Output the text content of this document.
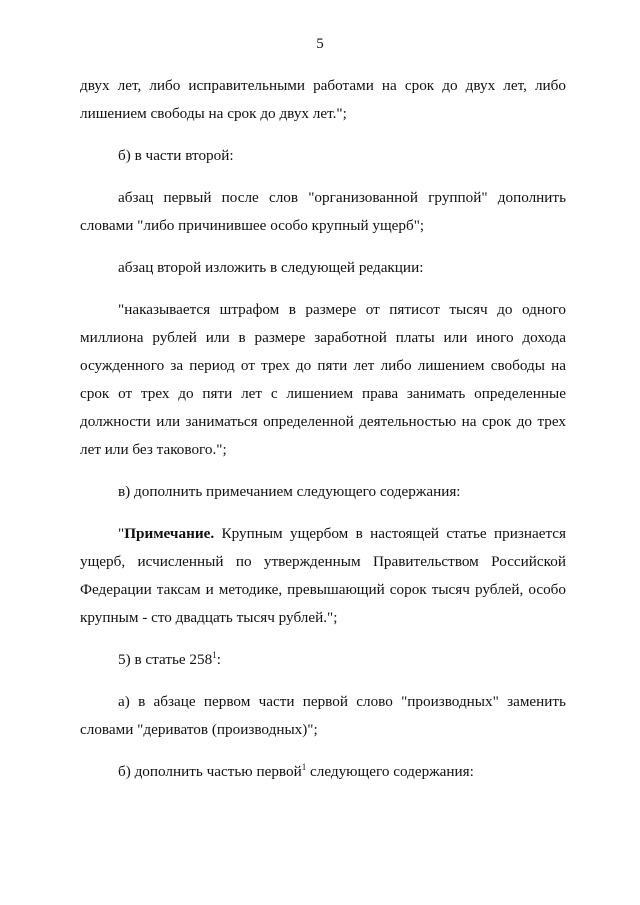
5

двух лет, либо исправительными работами на срок до двух лет, либо лишением свободы на срок до двух лет.";

б) в части второй:

абзац первый после слов "организованной группой" дополнить словами "либо причинившее особо крупный ущерб";

абзац второй изложить в следующей редакции:

"наказывается штрафом в размере от пятисот тысяч до одного миллиона рублей или в размере заработной платы или иного дохода осужденного за период от трех до пяти лет либо лишением свободы на срок от трех до пяти лет с лишением права занимать определенные должности или заниматься определенной деятельностью на срок до трех лет или без такового.";

в) дополнить примечанием следующего содержания:

"Примечание. Крупным ущербом в настоящей статье признается ущерб, исчисленный по утвержденным Правительством Российской Федерации таксам и методике, превышающий сорок тысяч рублей, особо крупным - сто двадцать тысяч рублей.";

5) в статье $258^1$:

а) в абзаце первом части первой слово "производных" заменить словами "дериватов (производных)";

б) дополнить частью первой$^1$ следующего содержания:
